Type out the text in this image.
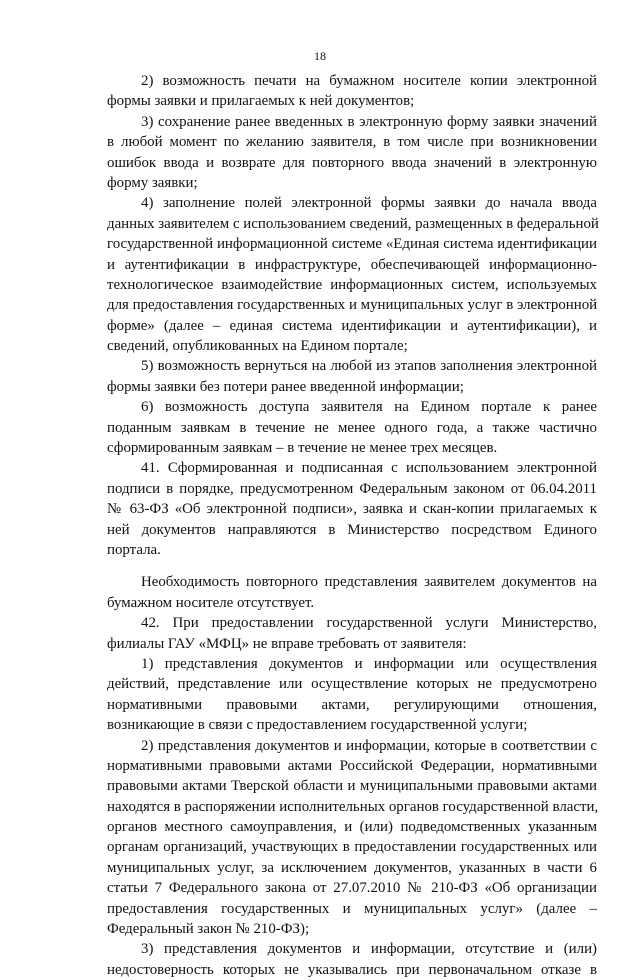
18
2) возможность печати на бумажном носителе копии электронной
формы заявки и прилагаемых к ней документов;
3) сохранение ранее введенных в электронную форму заявки значений
в любой момент по желанию заявителя, в том числе при возникновении
ошибок ввода и возврате для повторного ввода значений в электронную
форму заявки;
4) заполнение полей электронной формы заявки до начала ввода
данных заявителем с использованием сведений, размещенных в федеральной
государственной информационной системе «Единая система идентификации
и аутентификации в инфраструктуре, обеспечивающей информационно-
технологическое взаимодействие информационных систем, используемых
для предоставления государственных и муниципальных услуг в электронной
форме» (далее – единая система идентификации и аутентификации), и
сведений, опубликованных на Едином портале;
5) возможность вернуться на любой из этапов заполнения электронной
формы заявки без потери ранее введенной информации;
6) возможность доступа заявителя на Едином портале к ранее
поданным заявкам в течение не менее одного года, а также частично
сформированным заявкам – в течение не менее трех месяцев.
41. Сформированная и подписанная с использованием электронной
подписи в порядке, предусмотренном Федеральным законом от 06.04.2011
№ 63-ФЗ «Об электронной подписи», заявка и скан-копии прилагаемых к
ней документов направляются в Министерство посредством Единого
портала.
Необходимость повторного представления заявителем документов на
бумажном носителе отсутствует.
42. При предоставлении государственной услуги Министерство,
филиалы ГАУ «МФЦ» не вправе требовать от заявителя:
1) представления документов и информации или осуществления
действий, представление или осуществление которых не предусмотрено
нормативными правовыми актами, регулирующими отношения,
возникающие в связи с предоставлением государственной услуги;
2) представления документов и информации, которые в соответствии с
нормативными правовыми актами Российской Федерации, нормативными
правовыми актами Тверской области и муниципальными правовыми актами
находятся в распоряжении исполнительных органов государственной власти,
органов местного самоуправления, и (или) подведомственных указанным
органам организаций, участвующих в предоставлении государственных или
муниципальных услуг, за исключением документов, указанных в части 6
статьи 7 Федерального закона от 27.07.2010 № 210-ФЗ «Об организации
предоставления государственных и муниципальных услуг» (далее –
Федеральный закон № 210-ФЗ);
3) представления документов и информации, отсутствие и (или)
недостоверность которых не указывались при первоначальном отказе в
